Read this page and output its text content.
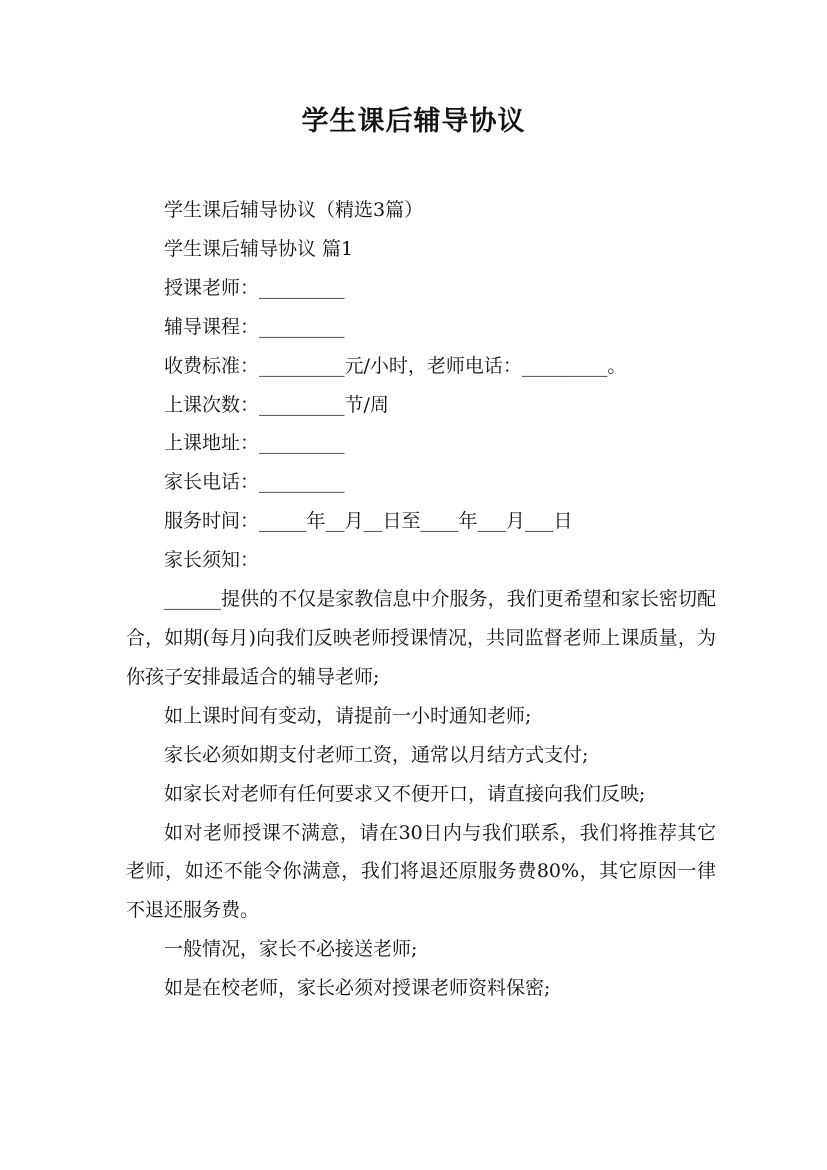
学生课后辅导协议

学生课后辅导协议（精选3篇）

学生课后辅导协议 篇1

授课老师：_________

辅导课程：_________

收费标准：_________元/小时，老师电话：_________。

上课次数：_________节/周

上课地址：_________

家长电话：_________

服务时间：_____年__月__日至____年___月___日

家长须知：

______提供的不仅是家教信息中介服务，我们更希望和家长密切配合，如期(每月)向我们反映老师授课情况，共同监督老师上课质量，为你孩子安排最适合的辅导老师;

如上课时间有变动，请提前一小时通知老师;

家长必须如期支付老师工资，通常以月结方式支付;

如家长对老师有任何要求又不便开口，请直接向我们反映;

如对老师授课不满意，请在30日内与我们联系，我们将推荐其它老师，如还不能令你满意，我们将退还原服务费80%，其它原因一律不退还服务费。

一般情况，家长不必接送老师;

如是在校老师，家长必须对授课老师资料保密;
